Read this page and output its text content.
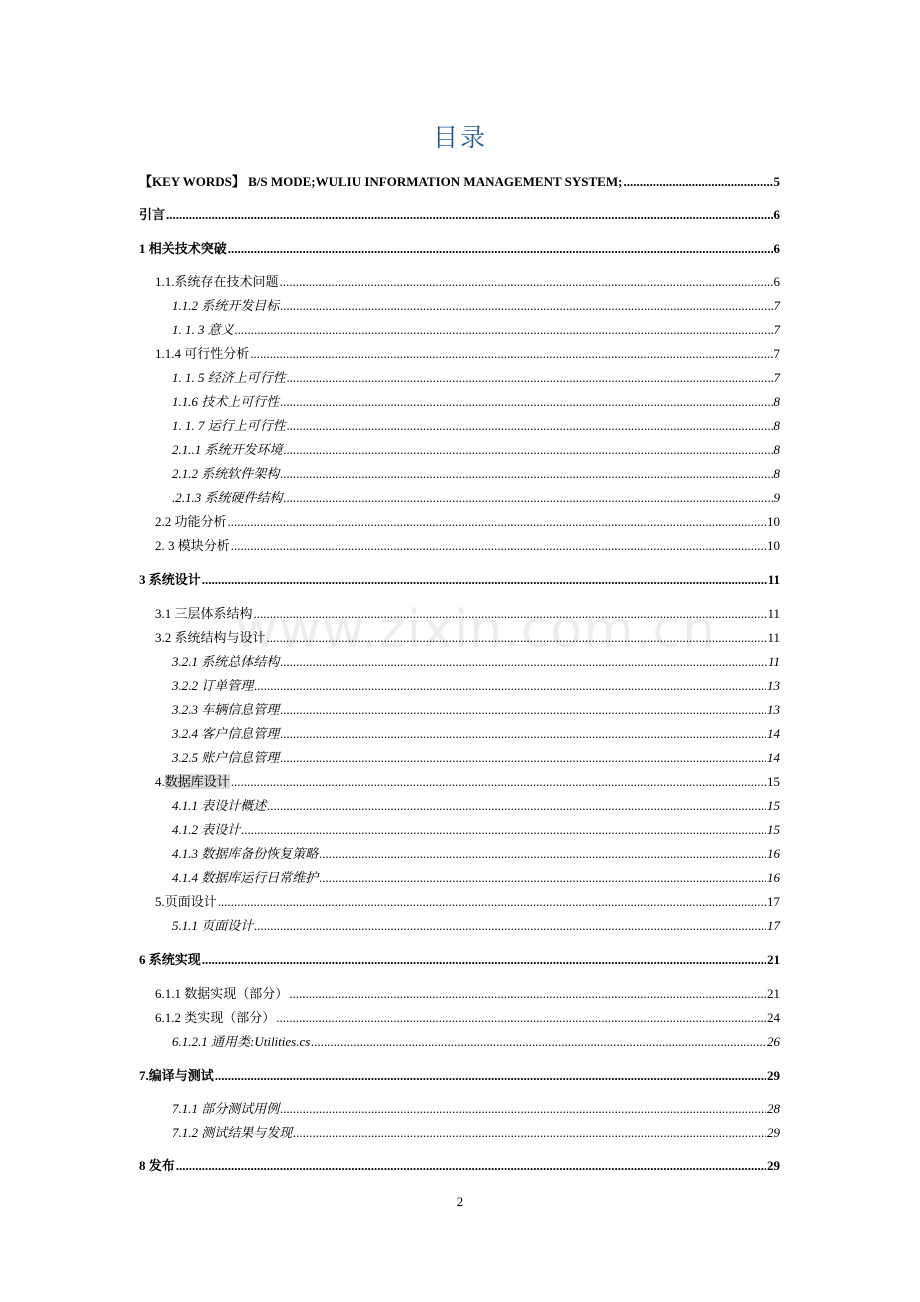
目录
www.zixin.com.cn
【KEY WORDS】 B/S MODE;WULIU INFORMATION MANAGEMENT SYSTEM; .....	5
引言 .....	6
1 相关技术突破 .....	6
1.1.系统存在技术问题 .....	6
1.1.2 系统开发目标 .....	7
1. 1. 3 意义 .....	7
1.1.4 可行性分析 .....	7
1. 1. 5 经济上可行性 .....	7
1.1.6 技术上可行性 .....	8
1. 1. 7 运行上可行性 .....	8
2.1..1 系统开发环境 .....	8
2.1.2 系统软件架构 .....	8
.2.1.3 系统硬件结构 .....	9
2.2 功能分析 .....	10
2. 3 模块分析 .....	10
3 系统设计 .....	11
3.1 三层体系结构 .....	11
3.2 系统结构与设计 .....	11
3.2.1 系统总体结构 .....	11
3.2.2 订单管理 .....	13
3.2.3 车辆信息管理 .....	13
3.2.4 客户信息管理 .....	14
3.2.5 账户信息管理 .....	14
4.数据库设计 .....	15
4.1.1 表设计概述 .....	15
4.1.2 表设计 .....	15
4.1.3 数据库备份恢复策略 .....	16
4.1.4 数据库运行日常维护 .....	16
5.页面设计 .....	17
5.1.1 页面设计 .....	17
6 系统实现 .....	21
6.1.1 数据实现（部分） .....	21
6.1.2 类实现（部分） .....	24
6.1.2.1 通用类:Utilities.cs .....	26
7.编译与测试 .....	29
7.1.1 部分测试用例 .....	28
7.1.2 测试结果与发现 .....	29
8 发布 .....	29
2
